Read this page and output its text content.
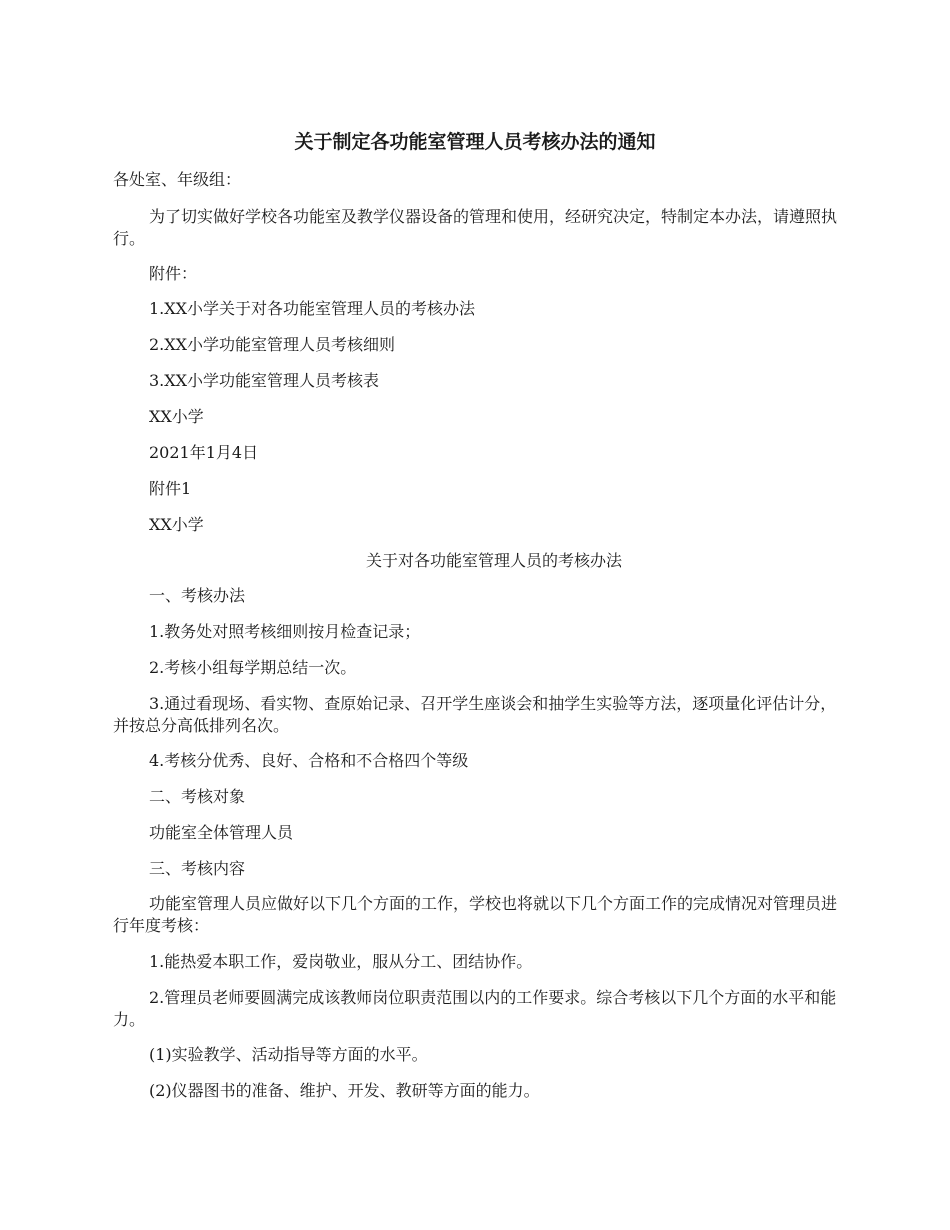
关于制定各功能室管理人员考核办法的通知
各处室、年级组：
为了切实做好学校各功能室及教学仪器设备的管理和使用，经研究决定，特制定本办法，请遵照执行。
附件：
1.XX小学关于对各功能室管理人员的考核办法
2.XX小学功能室管理人员考核细则
3.XX小学功能室管理人员考核表
XX小学
2021年1月4日
附件1
XX小学
关于对各功能室管理人员的考核办法
一、考核办法
1.教务处对照考核细则按月检查记录；
2.考核小组每学期总结一次。
3.通过看现场、看实物、查原始记录、召开学生座谈会和抽学生实验等方法，逐项量化评估计分，并按总分高低排列名次。
4.考核分优秀、良好、合格和不合格四个等级
二、考核对象
功能室全体管理人员
三、考核内容
功能室管理人员应做好以下几个方面的工作，学校也将就以下几个方面工作的完成情况对管理员进行年度考核：
1.能热爱本职工作，爱岗敬业，服从分工、团结协作。
2.管理员老师要圆满完成该教师岗位职责范围以内的工作要求。综合考核以下几个方面的水平和能力。
(1)实验教学、活动指导等方面的水平。
(2)仪器图书的准备、维护、开发、教研等方面的能力。
